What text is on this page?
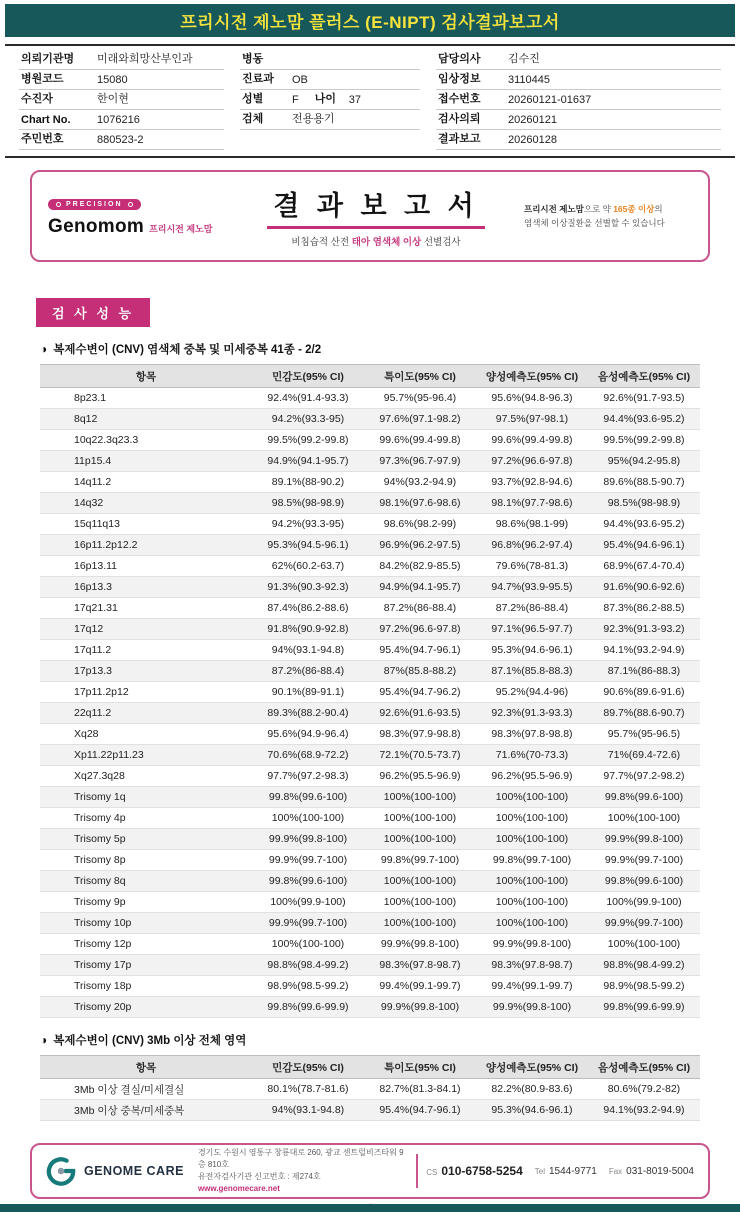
프리시전 제노맘 플러스 (E-NIPT) 검사결과보고서
의뢰기관명	미래와희망산부인과
병원코드	15080
수진자	한이현
Chart No.	1076216
주민번호	880523-2
병동
진료과	OB
성별	F 나이	37
검체	전용용기
담당의사	김수진
임상정보	3110445
접수번호	20260121-01637
검사의뢰	20260121
결과보고	20260128
PRECISION
Genomom 프리시전 제노맘
결 과 보 고 서
비침습적 산전 태아 염색체 이상 선별검사
프리시전 제노맘으로 약 165종 이상의
염색체 이상질환을 선별할 수 있습니다
검 사 성 능
◑ 복제수변이 (CNV) 염색체 중복 및 미세중복 41종 - 2/2
항목	민감도(95% CI)	특이도(95% CI)	양성예측도(95% CI)	음성예측도(95% CI)
8p23.1	92.4%(91.4-93.3)	95.7%(95-96.4)	95.6%(94.8-96.3)	92.6%(91.7-93.5)
8q12	94.2%(93.3-95)	97.6%(97.1-98.2)	97.5%(97-98.1)	94.4%(93.6-95.2)
10q22.3q23.3	99.5%(99.2-99.8)	99.6%(99.4-99.8)	99.6%(99.4-99.8)	99.5%(99.2-99.8)
11p15.4	94.9%(94.1-95.7)	97.3%(96.7-97.9)	97.2%(96.6-97.8)	95%(94.2-95.8)
14q11.2	89.1%(88-90.2)	94%(93.2-94.9)	93.7%(92.8-94.6)	89.6%(88.5-90.7)
14q32	98.5%(98-98.9)	98.1%(97.6-98.6)	98.1%(97.7-98.6)	98.5%(98-98.9)
15q11q13	94.2%(93.3-95)	98.6%(98.2-99)	98.6%(98.1-99)	94.4%(93.6-95.2)
16p11.2p12.2	95.3%(94.5-96.1)	96.9%(96.2-97.5)	96.8%(96.2-97.4)	95.4%(94.6-96.1)
16p13.11	62%(60.2-63.7)	84.2%(82.9-85.5)	79.6%(78-81.3)	68.9%(67.4-70.4)
16p13.3	91.3%(90.3-92.3)	94.9%(94.1-95.7)	94.7%(93.9-95.5)	91.6%(90.6-92.6)
17q21.31	87.4%(86.2-88.6)	87.2%(86-88.4)	87.2%(86-88.4)	87.3%(86.2-88.5)
17q12	91.8%(90.9-92.8)	97.2%(96.6-97.8)	97.1%(96.5-97.7)	92.3%(91.3-93.2)
17q11.2	94%(93.1-94.8)	95.4%(94.7-96.1)	95.3%(94.6-96.1)	94.1%(93.2-94.9)
17p13.3	87.2%(86-88.4)	87%(85.8-88.2)	87.1%(85.8-88.3)	87.1%(86-88.3)
17p11.2p12	90.1%(89-91.1)	95.4%(94.7-96.2)	95.2%(94.4-96)	90.6%(89.6-91.6)
22q11.2	89.3%(88.2-90.4)	92.6%(91.6-93.5)	92.3%(91.3-93.3)	89.7%(88.6-90.7)
Xq28	95.6%(94.9-96.4)	98.3%(97.9-98.8)	98.3%(97.8-98.8)	95.7%(95-96.5)
Xp11.22p11.23	70.6%(68.9-72.2)	72.1%(70.5-73.7)	71.6%(70-73.3)	71%(69.4-72.6)
Xq27.3q28	97.7%(97.2-98.3)	96.2%(95.5-96.9)	96.2%(95.5-96.9)	97.7%(97.2-98.2)
Trisomy 1q	99.8%(99.6-100)	100%(100-100)	100%(100-100)	99.8%(99.6-100)
Trisomy 4p	100%(100-100)	100%(100-100)	100%(100-100)	100%(100-100)
Trisomy 5p	99.9%(99.8-100)	100%(100-100)	100%(100-100)	99.9%(99.8-100)
Trisomy 8p	99.9%(99.7-100)	99.8%(99.7-100)	99.8%(99.7-100)	99.9%(99.7-100)
Trisomy 8q	99.8%(99.6-100)	100%(100-100)	100%(100-100)	99.8%(99.6-100)
Trisomy 9p	100%(99.9-100)	100%(100-100)	100%(100-100)	100%(99.9-100)
Trisomy 10p	99.9%(99.7-100)	100%(100-100)	100%(100-100)	99.9%(99.7-100)
Trisomy 12p	100%(100-100)	99.9%(99.8-100)	99.9%(99.8-100)	100%(100-100)
Trisomy 17p	98.8%(98.4-99.2)	98.3%(97.8-98.7)	98.3%(97.8-98.7)	98.8%(98.4-99.2)
Trisomy 18p	98.9%(98.5-99.2)	99.4%(99.1-99.7)	99.4%(99.1-99.7)	98.9%(98.5-99.2)
Trisomy 20p	99.8%(99.6-99.9)	99.9%(99.8-100)	99.9%(99.8-100)	99.8%(99.6-99.9)
◑ 복제수변이 (CNV) 3Mb 이상 전체 영역
항목	민감도(95% CI)	특이도(95% CI)	양성예측도(95% CI)	음성예측도(95% CI)
3Mb 이상 결실/미세결실	80.1%(78.7-81.6)	82.7%(81.3-84.1)	82.2%(80.9-83.6)	80.6%(79.2-82)
3Mb 이상 중복/미세중복	94%(93.1-94.8)	95.4%(94.7-96.1)	95.3%(94.6-96.1)	94.1%(93.2-94.9)
GENOME CARE
경기도 수원시 영통구 창룡대로 260, 광교 센트럴비즈타워 9층 810호
유전자검사기관 신고번호 : 제274호
www.genomecare.net
CS 010-6758-5254 Tel 1544-9771 Fax 031-8019-5004
